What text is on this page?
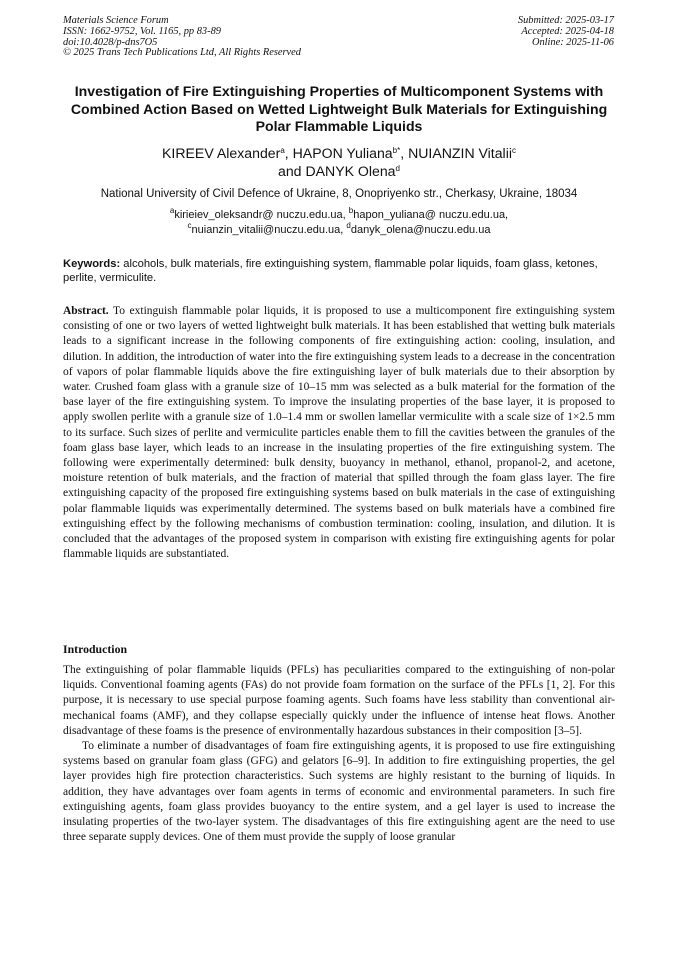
Materials Science Forum
ISSN: 1662-9752, Vol. 1165, pp 83-89
doi:10.4028/p-dns7O5
© 2025 Trans Tech Publications Ltd, All Rights Reserved
Submitted: 2025-03-17
Accepted: 2025-04-18
Online: 2025-11-06
Investigation of Fire Extinguishing Properties of Multicomponent Systems with Combined Action Based on Wetted Lightweight Bulk Materials for Extinguishing Polar Flammable Liquids
KIREEV Alexander$^a$, HAPON Yuliana$^{b*}$, NUIANZIN Vitalii$^c$
and DANYK Olena$^d$
National University of Civil Defence of Ukraine, 8, Onopriyenko str., Cherkasy, Ukraine, 18034
$^a$kirieiev_oleksandr@ nuczu.edu.ua, $^b$hapon_yuliana@ nuczu.edu.ua,
$^c$nuianzin_vitalii@nuczu.edu.ua, $^d$danyk_olena@nuczu.edu.ua
Keywords: alcohols, bulk materials, fire extinguishing system, flammable polar liquids, foam glass, ketones, perlite, vermiculite.
Abstract. To extinguish flammable polar liquids, it is proposed to use a multicomponent fire extinguishing system consisting of one or two layers of wetted lightweight bulk materials. It has been established that wetting bulk materials leads to a significant increase in the following components of fire extinguishing action: cooling, insulation, and dilution. In addition, the introduction of water into the fire extinguishing system leads to a decrease in the concentration of vapors of polar flammable liquids above the fire extinguishing layer of bulk materials due to their absorption by water. Crushed foam glass with a granule size of 10–15 mm was selected as a bulk material for the formation of the base layer of the fire extinguishing system. To improve the insulating properties of the base layer, it is proposed to apply swollen perlite with a granule size of 1.0–1.4 mm or swollen lamellar vermiculite with a scale size of 1×2.5 mm to its surface. Such sizes of perlite and vermiculite particles enable them to fill the cavities between the granules of the foam glass base layer, which leads to an increase in the insulating properties of the fire extinguishing system. The following were experimentally determined: bulk density, buoyancy in methanol, ethanol, propanol-2, and acetone, moisture retention of bulk materials, and the fraction of material that spilled through the foam glass layer. The fire extinguishing capacity of the proposed fire extinguishing systems based on bulk materials in the case of extinguishing polar flammable liquids was experimentally determined. The systems based on bulk materials have a combined fire extinguishing effect by the following mechanisms of combustion termination: cooling, insulation, and dilution. It is concluded that the advantages of the proposed system in comparison with existing fire extinguishing agents for polar flammable liquids are substantiated.
Introduction

The extinguishing of polar flammable liquids (PFLs) has peculiarities compared to the extinguishing of non-polar liquids. Conventional foaming agents (FAs) do not provide foam formation on the surface of the PFLs [1, 2]. For this purpose, it is necessary to use special purpose foaming agents. Such foams have less stability than conventional air-mechanical foams (AMF), and they collapse especially quickly under the influence of intense heat flows. Another disadvantage of these foams is the presence of environmentally hazardous substances in their composition [3–5].

To eliminate a number of disadvantages of foam fire extinguishing agents, it is proposed to use fire extinguishing systems based on granular foam glass (GFG) and gelators [6–9]. In addition to fire extinguishing properties, the gel layer provides high fire protection characteristics. Such systems are highly resistant to the burning of liquids. In addition, they have advantages over foam agents in terms of economic and environmental parameters. In such fire extinguishing agents, foam glass provides buoyancy to the entire system, and a gel layer is used to increase the insulating properties of the two-layer system. The disadvantages of this fire extinguishing agent are the need to use three separate supply devices. One of them must provide the supply of loose granular
